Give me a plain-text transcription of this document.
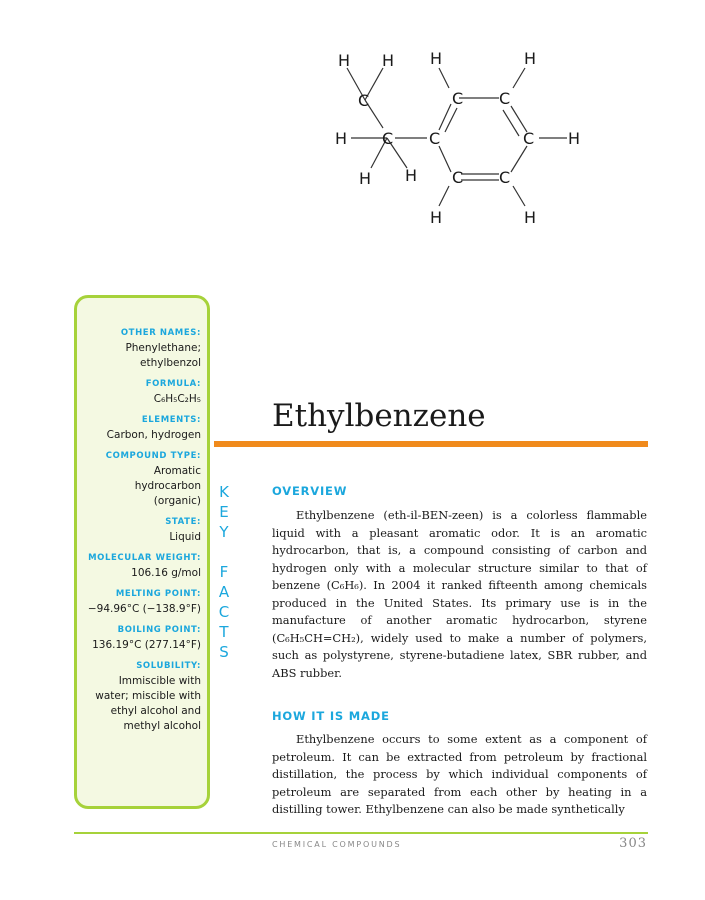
H H
C
H C
H H
C
H
C C
H
C H
C C
H	H
OTHER NAMES:
Phenylethane;
ethylbenzol
FORMULA:
C₆H₅C₂H₅
ELEMENTS:
Carbon, hydrogen
COMPOUND TYPE:
Aromatic
hydrocarbon
(organic)
STATE:
Liquid
MOLECULAR WEIGHT:
106.16 g/mol
MELTING POINT:
−94.96°C (−138.9°F)
BOILING POINT:
136.19°C (277.14°F)
SOLUBILITY:
Immiscible with
water; miscible with
ethyl alcohol and
methyl alcohol
K
E
Y

F
A
C
T
S
Ethylbenzene
OVERVIEW

Ethylbenzene (eth-il-BEN-zeen) is a colorless flammable liquid with a pleasant aromatic odor. It is an aromatic hydrocarbon, that is, a compound consisting of carbon and hydrogen only with a molecular structure similar to that of benzene (C₆H₆). In 2004 it ranked fifteenth among chemicals produced in the United States. Its primary use is in the manufacture of another aromatic hydrocarbon, styrene (C₆H₅CH=CH₂), widely used to make a number of polymers, such as polystyrene, styrene-butadiene latex, SBR rubber, and ABS rubber.

HOW IT IS MADE

Ethylbenzene occurs to some extent as a component of petroleum. It can be extracted from petroleum by fractional distillation, the process by which individual components of petroleum are separated from each other by heating in a distilling tower. Ethylbenzene can also be made synthetically

CHEMICAL COMPOUNDS	303
